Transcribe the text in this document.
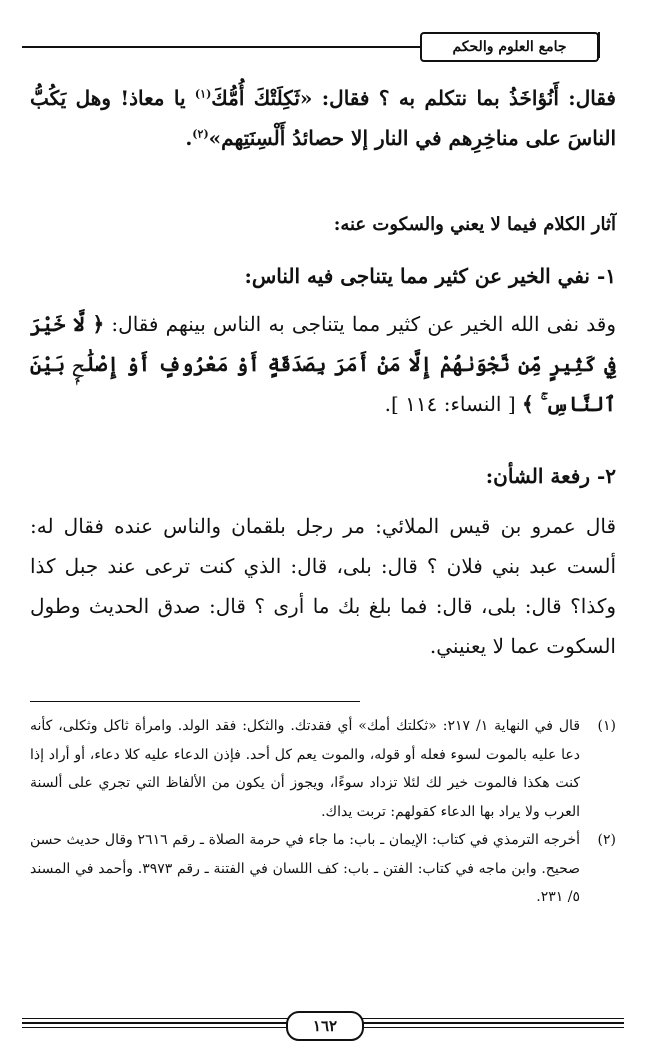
جامع العلوم والحكم

فقال: أَنُؤاخَذُ بما نتكلم به ؟ فقال: «ثَكِلَتْكَ أُمُّكَ$^{(١)}$ يا معاذ! وهل يَكُبُّ الناسَ على مناخِرِهم في النار إلا حصائدُ أَلْسِنَتِهم»$^{(٢)}$.

آثار الكلام فيما لا يعني والسكوت عنه:

١- نفي الخير عن كثير مما يتناجى فيه الناس:

وقد نفى الله الخير عن كثير مما يتناجى به الناس بينهم فقال: ﴿ لَّا خَيْرَ فِي كَثِيرٍ مِّن نَّجْوَىٰهُمْ إِلَّا مَنْ أَمَرَ بِصَدَقَةٍ أَوْ مَعْرُوفٍ أَوْ إِصْلَٰحِۭ بَيْنَ ٱلنَّاسِ ۚ ﴾ [ النساء: ١١٤ ].

٢- رفعة الشأن:

قال عمرو بن قيس الملائي: مر رجل بلقمان والناس عنده فقال له: ألست عبد بني فلان ؟ قال: بلى، قال: الذي كنت ترعى عند جبل كذا وكذا؟ قال: بلى، قال: فما بلغ بك ما أرى ؟ قال: صدق الحديث وطول السكوت عما لا يعنيني.

(١)
قال في النهاية ١/ ٢١٧: «ثكلتك أمك» أي فقدتك. والثكل: فقد الولد. وامرأة ثاكل وثكلى، كأنه دعا عليه بالموت لسوء فعله أو قوله، والموت يعم كل أحد. فإذن الدعاء عليه كلا دعاء، أو أراد إذا كنت هكذا فالموت خير لك لئلا تزداد سوءًا، ويجوز أن يكون من الألفاظ التي تجري على ألسنة العرب ولا يراد بها الدعاء كقولهم: تربت يداك.
(٢)
أخرجه الترمذي في كتاب: الإيمان ـ باب: ما جاء في حرمة الصلاة ـ رقم ٢٦١٦ وقال حديث حسن صحيح. وابن ماجه في كتاب: الفتن ـ باب: كف اللسان في الفتنة ـ رقم ٣٩٧٣. وأحمد في المسند ٥/ ٢٣١.
١٦٢
